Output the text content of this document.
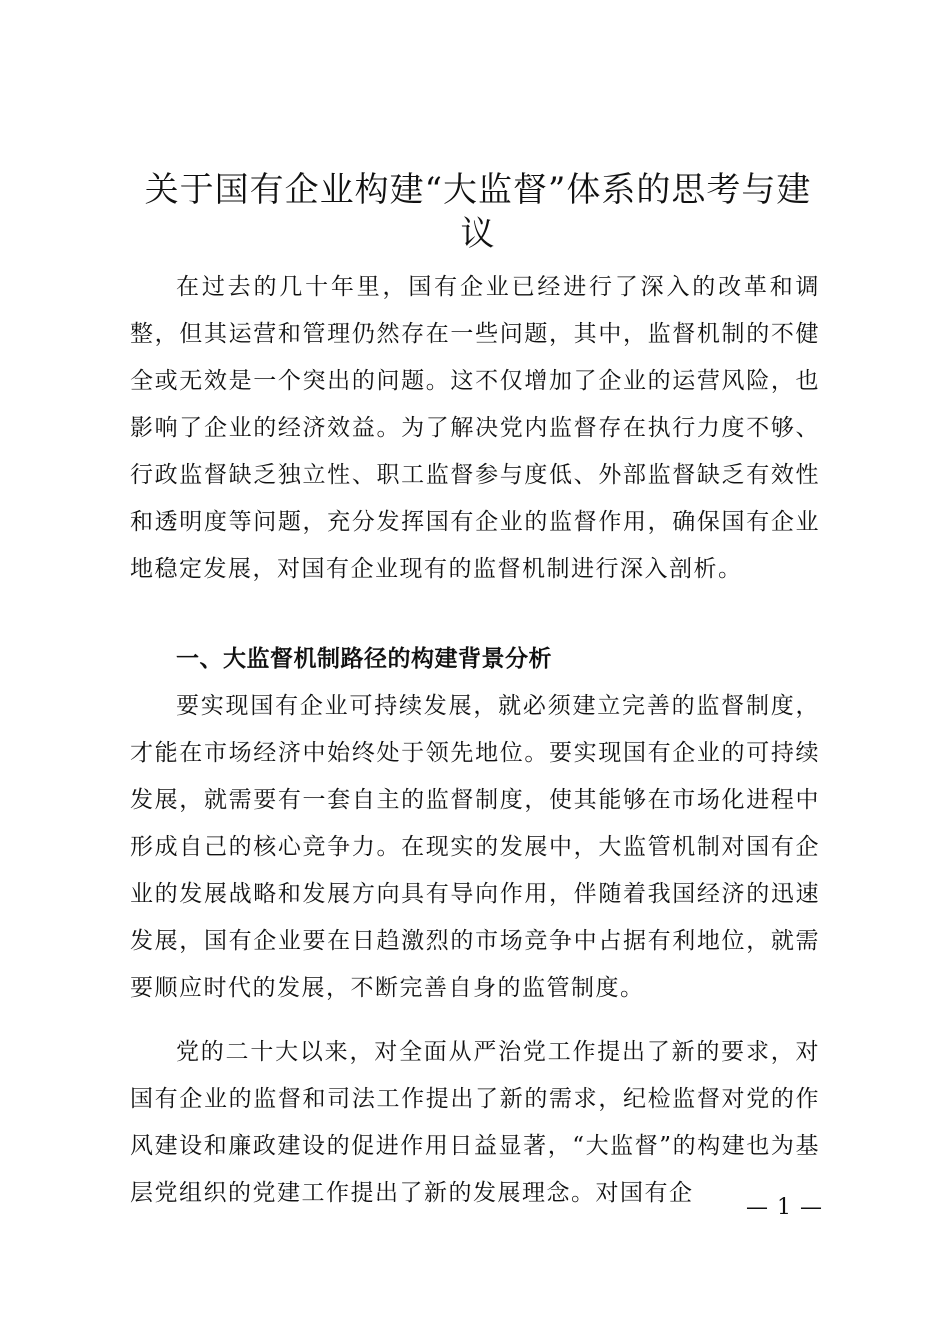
关于国有企业构建“大监督”体系的思考与建议

在过去的几十年里，国有企业已经进行了深入的改革和调整，但其运营和管理仍然存在一些问题，其中，监督机制的不健全或无效是一个突出的问题。这不仅增加了企业的运营风险，也影响了企业的经济效益。为了解决党内监督存在执行力度不够、行政监督缺乏独立性、职工监督参与度低、外部监督缺乏有效性和透明度等问题，充分发挥国有企业的监督作用，确保国有企业地稳定发展，对国有企业现有的监督机制进行深入剖析。

一、大监督机制路径的构建背景分析

要实现国有企业可持续发展，就必须建立完善的监督制度，才能在市场经济中始终处于领先地位。要实现国有企业的可持续发展，就需要有一套自主的监督制度，使其能够在市场化进程中形成自己的核心竞争力。在现实的发展中，大监管机制对国有企业的发展战略和发展方向具有导向作用，伴随着我国经济的迅速发展，国有企业要在日趋激烈的市场竞争中占据有利地位，就需要顺应时代的发展，不断完善自身的监管制度。

党的二十大以来，对全面从严治党工作提出了新的要求，对国有企业的监督和司法工作提出了新的需求，纪检监督对党的作风建设和廉政建设的促进作用日益显著，“大监督”的构建也为基层党组织的党建工作提出了新的发展理念。对国有企

— 1 —
